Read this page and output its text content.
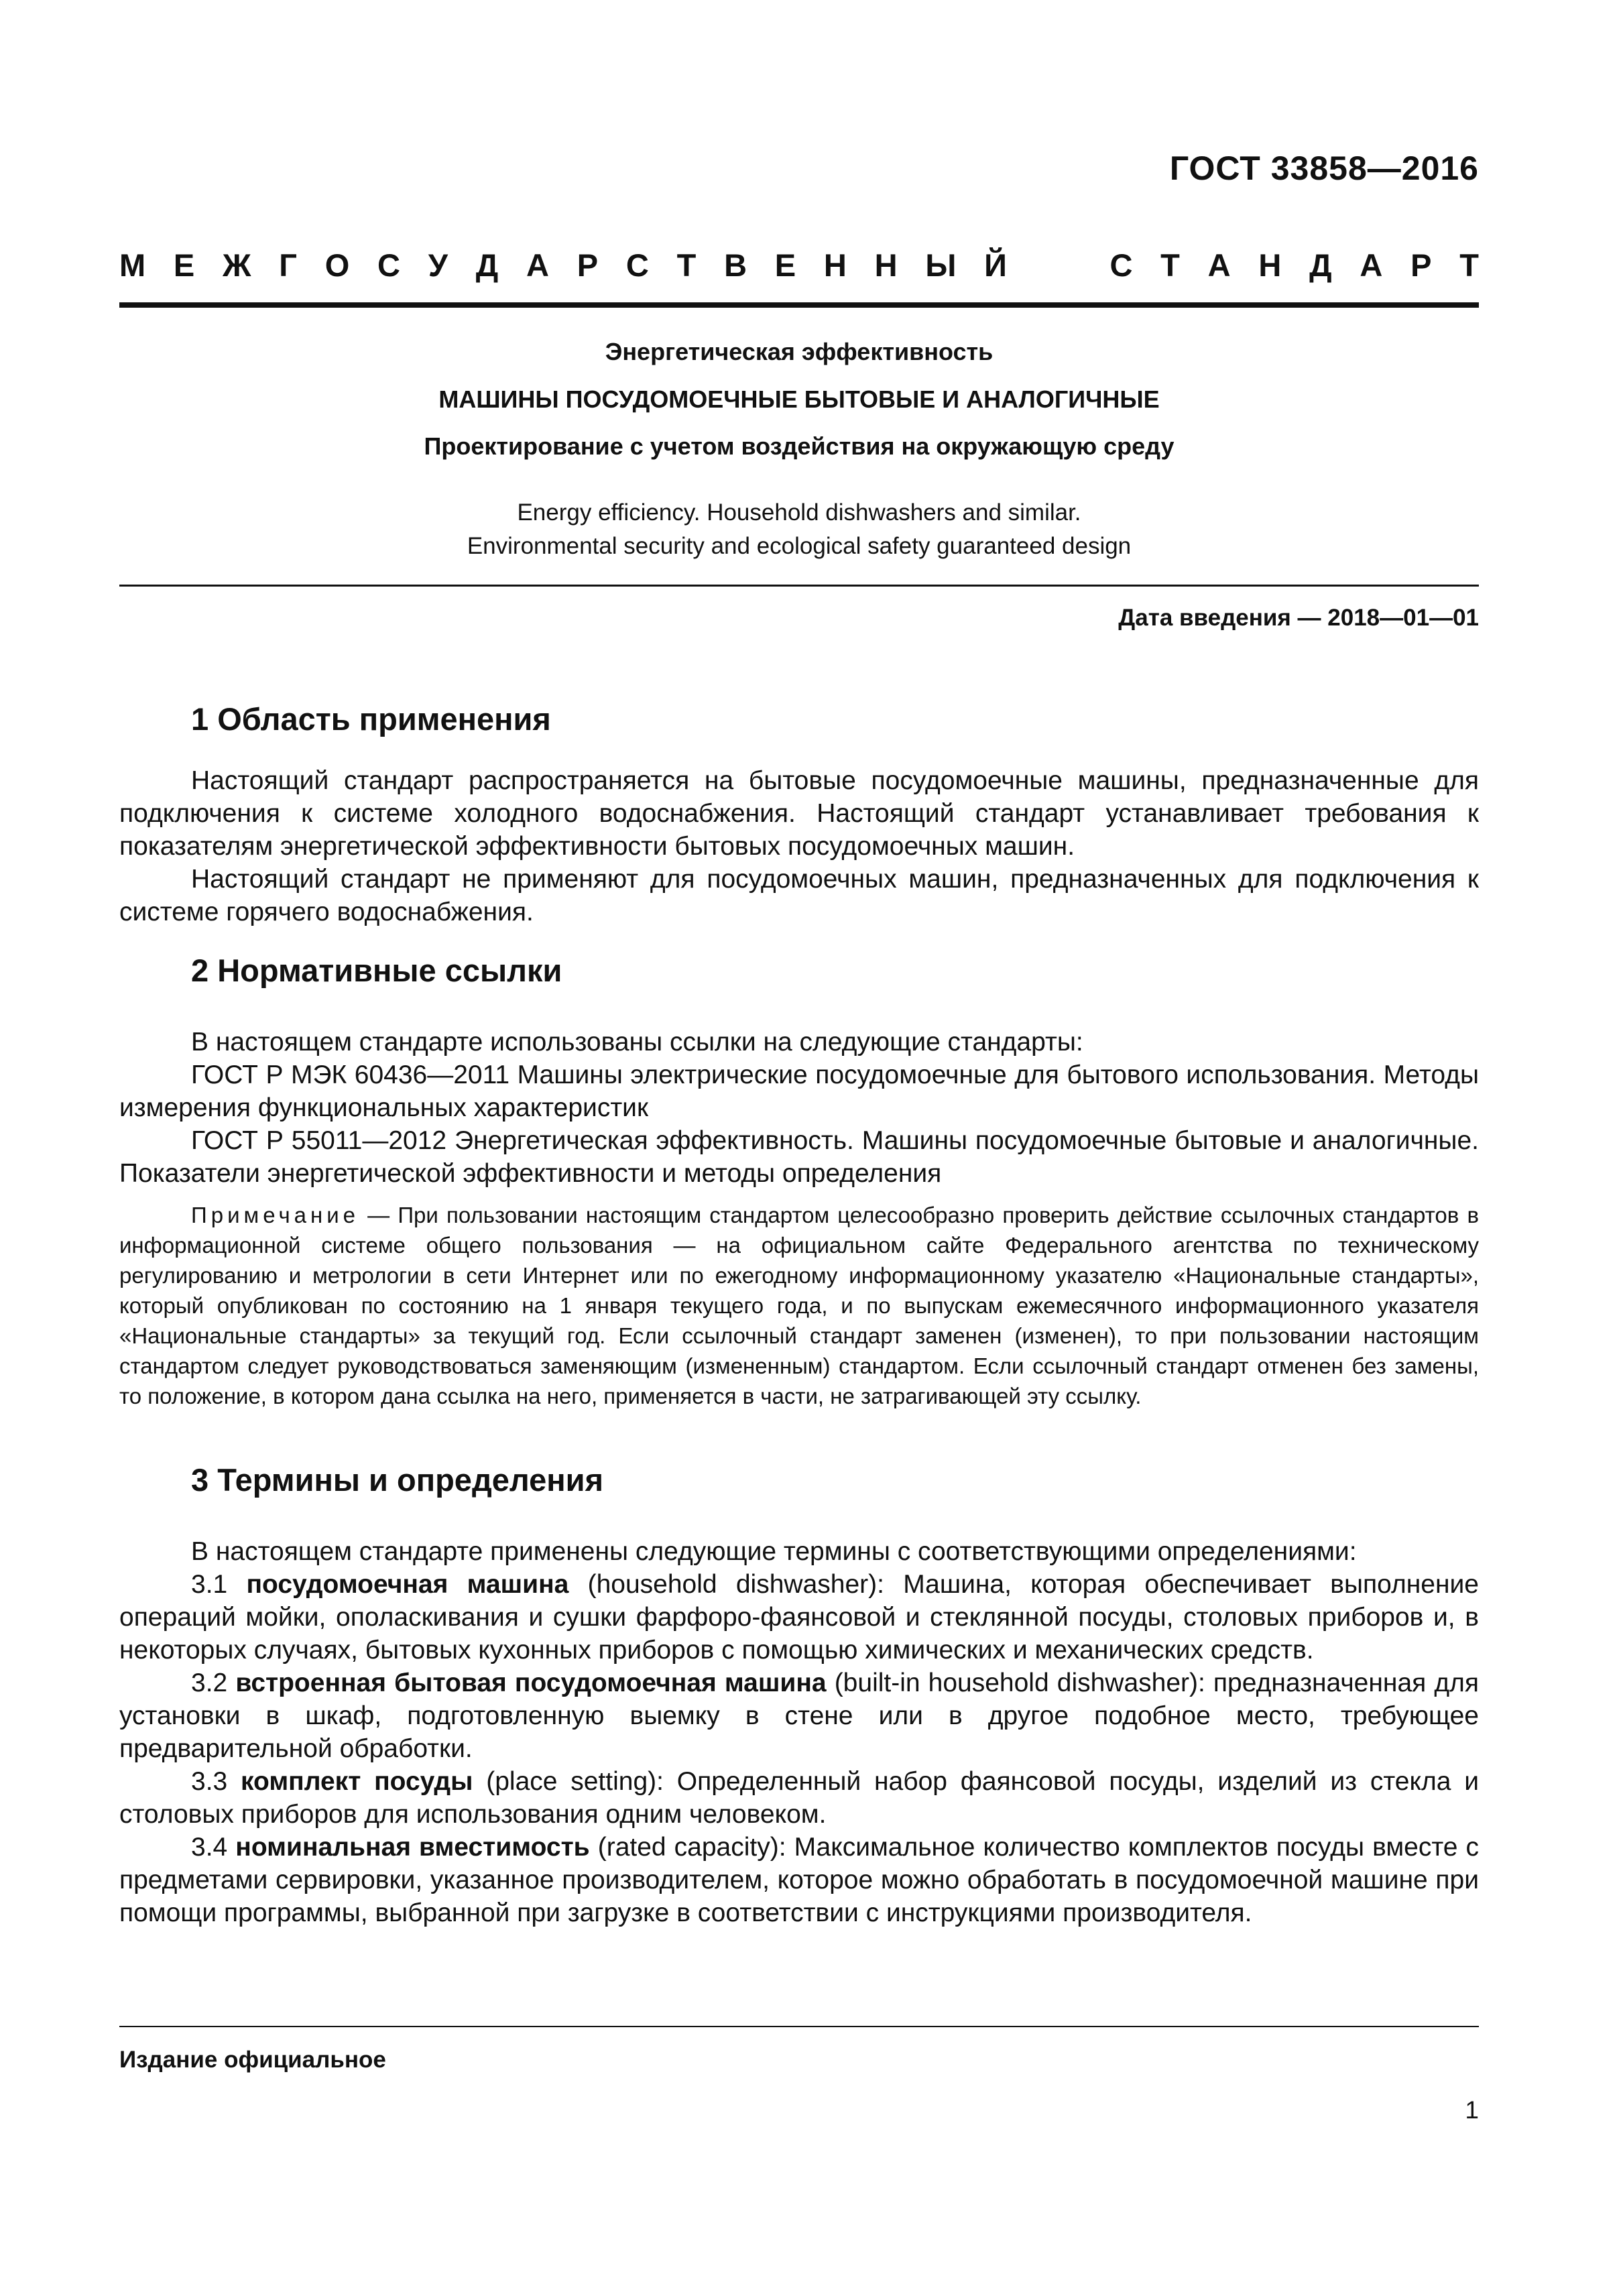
ГОСТ 33858—2016
М Е Ж Г О С У Д А Р С Т В Е Н Н Ы Й	С Т А Н Д А Р Т
Энергетическая эффективность
МАШИНЫ ПОСУДОМОЕЧНЫЕ БЫТОВЫЕ И АНАЛОГИЧНЫЕ
Проектирование с учетом воздействия на окружающую среду
Energy efficiency. Household dishwashers and similar.
Environmental security and ecological safety guaranteed design
Дата введения — 2018—01—01
1 Область применения

Настоящий стандарт распространяется на бытовые посудомоечные машины, предназначенные для подключения к системе холодного водоснабжения. Настоящий стандарт устанавливает требования к показателям энергетической эффективности бытовых посудомоечных машин.

Настоящий стандарт не применяют для посудомоечных машин, предназначенных для подключения к системе горячего водоснабжения.

2 Нормативные ссылки

В настоящем стандарте использованы ссылки на следующие стандарты:

ГОСТ Р МЭК 60436—2011 Машины электрические посудомоечные для бытового использования. Методы измерения функциональных характеристик

ГОСТ Р 55011—2012 Энергетическая эффективность. Машины посудомоечные бытовые и аналогичные. Показатели энергетической эффективности и методы определения

Примечание — При пользовании настоящим стандартом целесообразно проверить действие ссылочных стандартов в информационной системе общего пользования — на официальном сайте Федерального агентства по техническому регулированию и метрологии в сети Интернет или по ежегодному информационному указателю «Национальные стандарты», который опубликован по состоянию на 1 января текущего года, и по выпускам ежемесячного информационного указателя «Национальные стандарты» за текущий год. Если ссылочный стандарт заменен (изменен), то при пользовании настоящим стандартом следует руководствоваться заменяющим (измененным) стандартом. Если ссылочный стандарт отменен без замены, то положение, в котором дана ссылка на него, применяется в части, не затрагивающей эту ссылку.

3 Термины и определения

В настоящем стандарте применены следующие термины с соответствующими определениями:

3.1 посудомоечная машина (household dishwasher): Машина, которая обеспечивает выполнение операций мойки, ополаскивания и сушки фарфоро-фаянсовой и стеклянной посуды, столовых приборов и, в некоторых случаях, бытовых кухонных приборов с помощью химических и механических средств.

3.2 встроенная бытовая посудомоечная машина (built-in household dishwasher): предназначенная для установки в шкаф, подготовленную выемку в стене или в другое подобное место, требующее предварительной обработки.

3.3 комплект посуды (place setting): Определенный набор фаянсовой посуды, изделий из стекла и столовых приборов для использования одним человеком.

3.4 номинальная вместимость (rated capacity): Максимальное количество комплектов посуды вместе с предметами сервировки, указанное производителем, которое можно обработать в посудомоечной машине при помощи программы, выбранной при загрузке в соответствии с инструкциями производителя.

Издание официальное
1
